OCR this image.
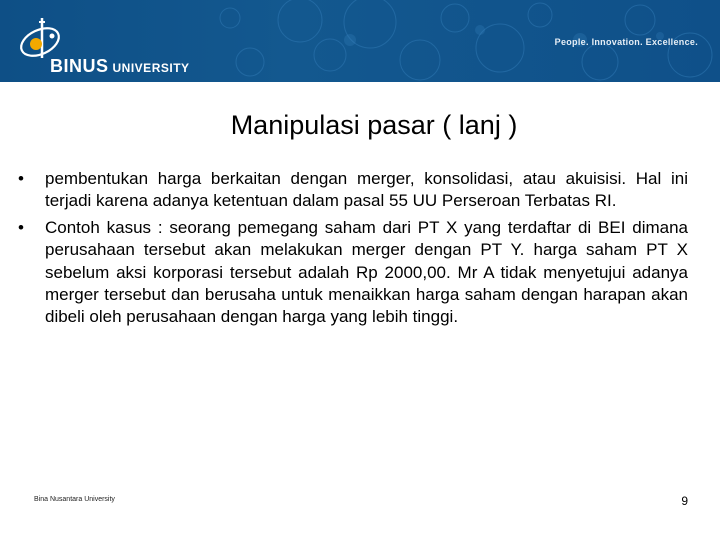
BINUS UNIVERSITY
People. Innovation. Excellence.
Manipulasi pasar ( lanj )
• pembentukan harga berkaitan dengan merger, konsolidasi, atau akuisisi. Hal ini terjadi karena adanya ketentuan dalam pasal 55 UU Perseroan Terbatas RI.
• Contoh kasus : seorang pemegang saham dari PT X yang terdaftar di BEI dimana perusahaan tersebut akan melakukan merger dengan PT Y. harga saham PT X sebelum aksi korporasi tersebut adalah Rp 2000,00. Mr A tidak menyetujui adanya merger tersebut dan berusaha untuk menaikkan harga saham dengan harapan akan dibeli oleh perusahaan dengan harga yang lebih tinggi.
Bina Nusantara University	9
